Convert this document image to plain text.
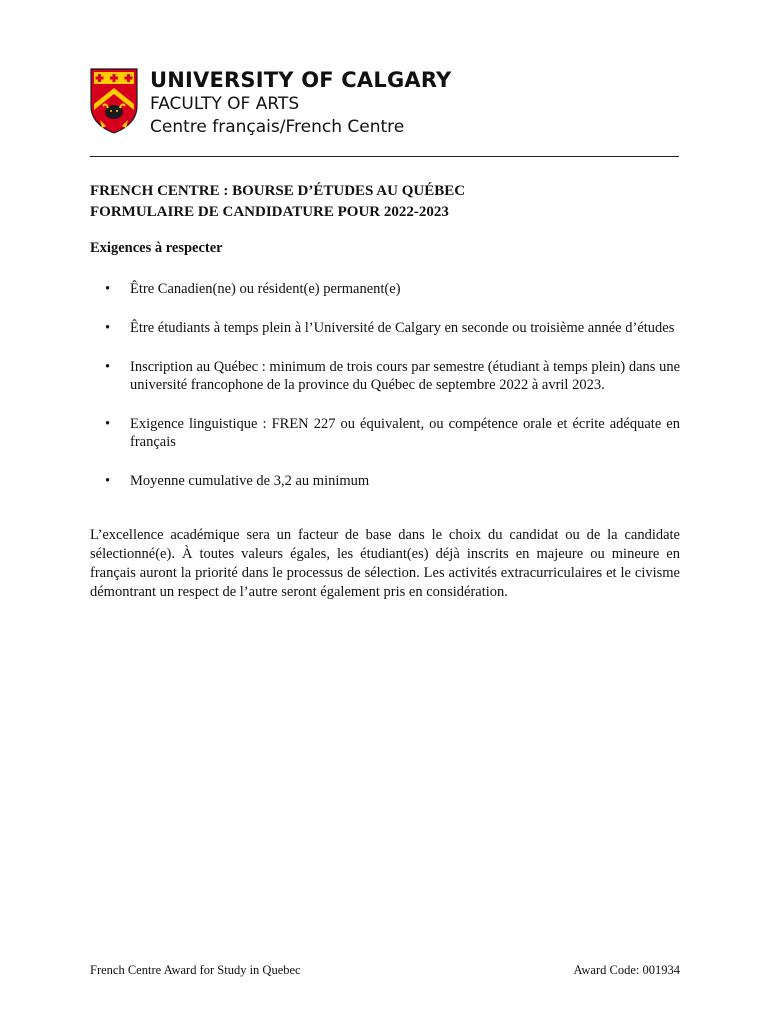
UNIVERSITY OF CALGARY
FACULTY OF ARTS
Centre français/French Centre
FRENCH CENTRE : BOURSE D’ÉTUDES AU QUÉBEC
FORMULAIRE DE CANDIDATURE POUR 2022-2023
Exigences à respecter
• Être Canadien(ne) ou résident(e) permanent(e)
• Être étudiants à temps plein à l’Université de Calgary en seconde ou troisième année d’études
• Inscription au Québec : minimum de trois cours par semestre (étudiant à temps plein) dans une université francophone de la province du Québec de septembre 2022 à avril 2023.
• Exigence linguistique : FREN 227 ou équivalent, ou compétence orale et écrite adéquate en français
• Moyenne cumulative de 3,2 au minimum

L’excellence académique sera un facteur de base dans le choix du candidat ou de la candidate sélectionné(e). À toutes valeurs égales, les étudiant(es) déjà inscrits en majeure ou mineure en français auront la priorité dans le processus de sélection. Les activités extracurriculaires et le civisme démontrant un respect de l’autre seront également pris en considération.

French Centre Award for Study in Quebec	Award Code: 001934
